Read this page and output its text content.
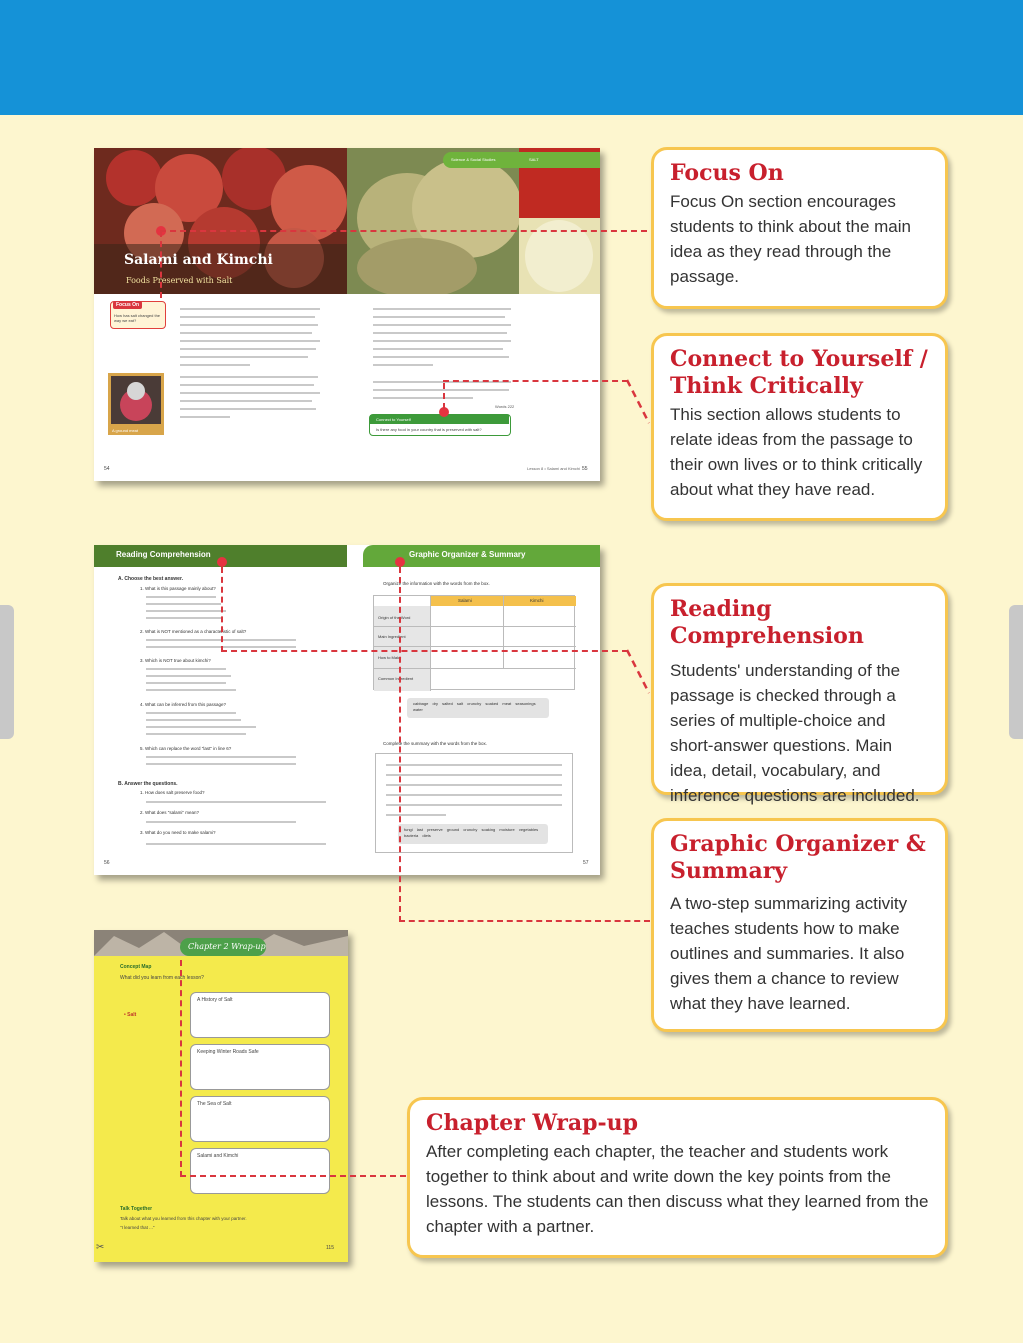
Salami and Kimchi
Foods Preserved with Salt
Focus On
How has salt changed the way we eat?
A ground meat
54
Science & Social Studies	SALT
Words 222
Connect to Yourself
Is there any food in your country that is preserved with salt?
Lesson 8 • Salami and Kimchi 55
Reading Comprehension
A. Choose the best answer.
1. What is this passage mainly about?
2. What is NOT mentioned as a characteristic of salt?
3. Which is NOT true about kimchi?
4. What can be inferred from this passage?
5. Which can replace the word "last" in line 6?
B. Answer the questions.
1. How does salt preserve food?
2. What does "salami" mean?
3. What do you need to make salami?
56
Graphic Organizer & Summary
Organize the information with the words from the box.
Salami	Kimchi
Origin of the Word
Main Ingredient
How to Make
Common Ingredient
cabbage dry salted salt crunchy soaked meat seasonings water
Complete the summary with the words from the box.
fungi last preserve ground crunchy soaking moisture vegetables bacteria diets
57
Chapter 2 Wrap-up
Concept Map
What did you learn from each lesson?
• Salt
A History of Salt
Keeping Winter Roads Safe
The Sea of Salt
Salami and Kimchi
Talk Together
Talk about what you learned from this chapter with your partner.
"I learned that ..."
✂	115
Focus On

Focus On section encourages students to think about the main idea as they read through the passage.

Connect to Yourself /
Think Critically

This section allows students to relate ideas from the passage to their own lives or to think critically about what they have read.

Reading Comprehension

Students' understanding of the passage is checked through a series of multiple-choice and short-answer questions. Main idea, detail, vocabulary, and inference questions are included.

Graphic Organizer &
Summary

A two-step summarizing activity teaches students how to make outlines and summaries. It also gives them a chance to review what they have learned.

Chapter Wrap-up

After completing each chapter, the teacher and students work together to think about and write down the key points from the lessons. The students can then discuss what they learned from the chapter with a partner.
